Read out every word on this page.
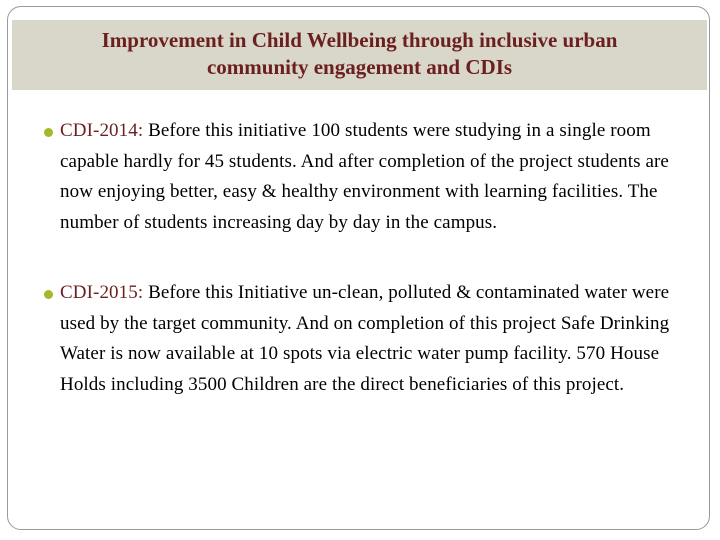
Improvement in Child Wellbeing through inclusive urban
community engagement and CDIs
CDI-2014: Before this initiative 100 students were studying in a single room capable hardly for 45 students. And after completion of the project students are now enjoying better, easy & healthy environment with learning facilities. The number of students increasing day by day in the campus.
CDI-2015: Before this Initiative un-clean, polluted & contaminated water were used by the target community. And on completion of this project Safe Drinking Water is now available at 10 spots via electric water pump facility. 570 House Holds including 3500 Children are the direct beneficiaries of this project.
